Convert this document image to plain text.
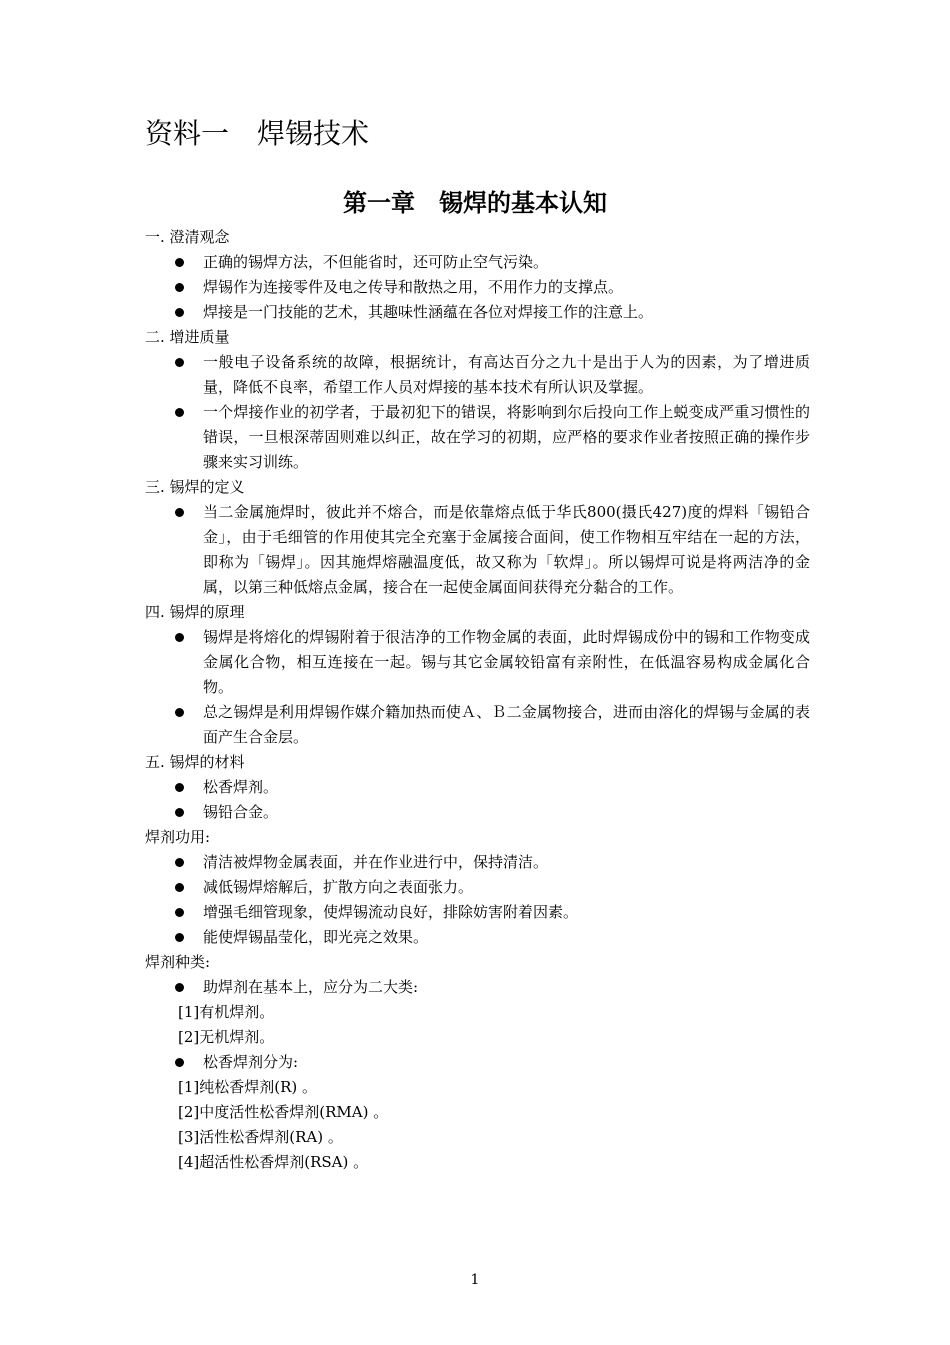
资料一　焊锡技术
第一章　锡焊的基本认知

一. 澄清观念

正确的锡焊方法，不但能省时，还可防止空气污染。
焊锡作为连接零件及电之传导和散热之用，不用作力的支撑点。
焊接是一门技能的艺术，其趣味性涵蕴在各位对焊接工作的注意上。

二. 增进质量

一般电子设备系统的故障，根据统计，有高达百分之九十是出于人为的因素，为了增进质量，降低不良率，希望工作人员对焊接的基本技术有所认识及掌握。
一个焊接作业的初学者，于最初犯下的错误，将影响到尔后投向工作上蜕变成严重习惯性的错误，一旦根深蒂固则难以纠正，故在学习的初期，应严格的要求作业者按照正确的操作步骤来实习训练。

三. 锡焊的定义

当二金属施焊时，彼此并不熔合，而是依靠熔点低于华氏800(摄氏427)度的焊料「锡铅合金」，由于毛细管的作用使其完全充塞于金属接合面间，使工作物相互牢结在一起的方法，即称为「锡焊」。因其施焊熔融温度低，故又称为「软焊」。所以锡焊可说是将两洁净的金属，以第三种低熔点金属，接合在一起使金属面间获得充分黏合的工作。

四. 锡焊的原理

锡焊是将熔化的焊锡附着于很洁净的工作物金属的表面，此时焊锡成份中的锡和工作物变成金属化合物，相互连接在一起。锡与其它金属较铅富有亲附性，在低温容易构成金属化合物。
总之锡焊是利用焊锡作媒介籍加热而使Ａ、Ｂ二金属物接合，进而由溶化的焊锡与金属的表面产生合金层。

五. 锡焊的材料

松香焊剂。
锡铅合金。

焊剂功用:

清洁被焊物金属表面，并在作业进行中，保持清洁。
减低锡焊熔解后，扩散方向之表面张力。
增强毛细管现象，使焊锡流动良好，排除妨害附着因素。
能使焊锡晶莹化，即光亮之效果。

焊剂种类:

助焊剂在基本上，应分为二大类:

[1]有机焊剂。

[2]无机焊剂。

松香焊剂分为:

[1]纯松香焊剂(R) 。

[2]中度活性松香焊剂(RMA) 。

[3]活性松香焊剂(RA) 。

[4]超活性松香焊剂(RSA) 。

1
